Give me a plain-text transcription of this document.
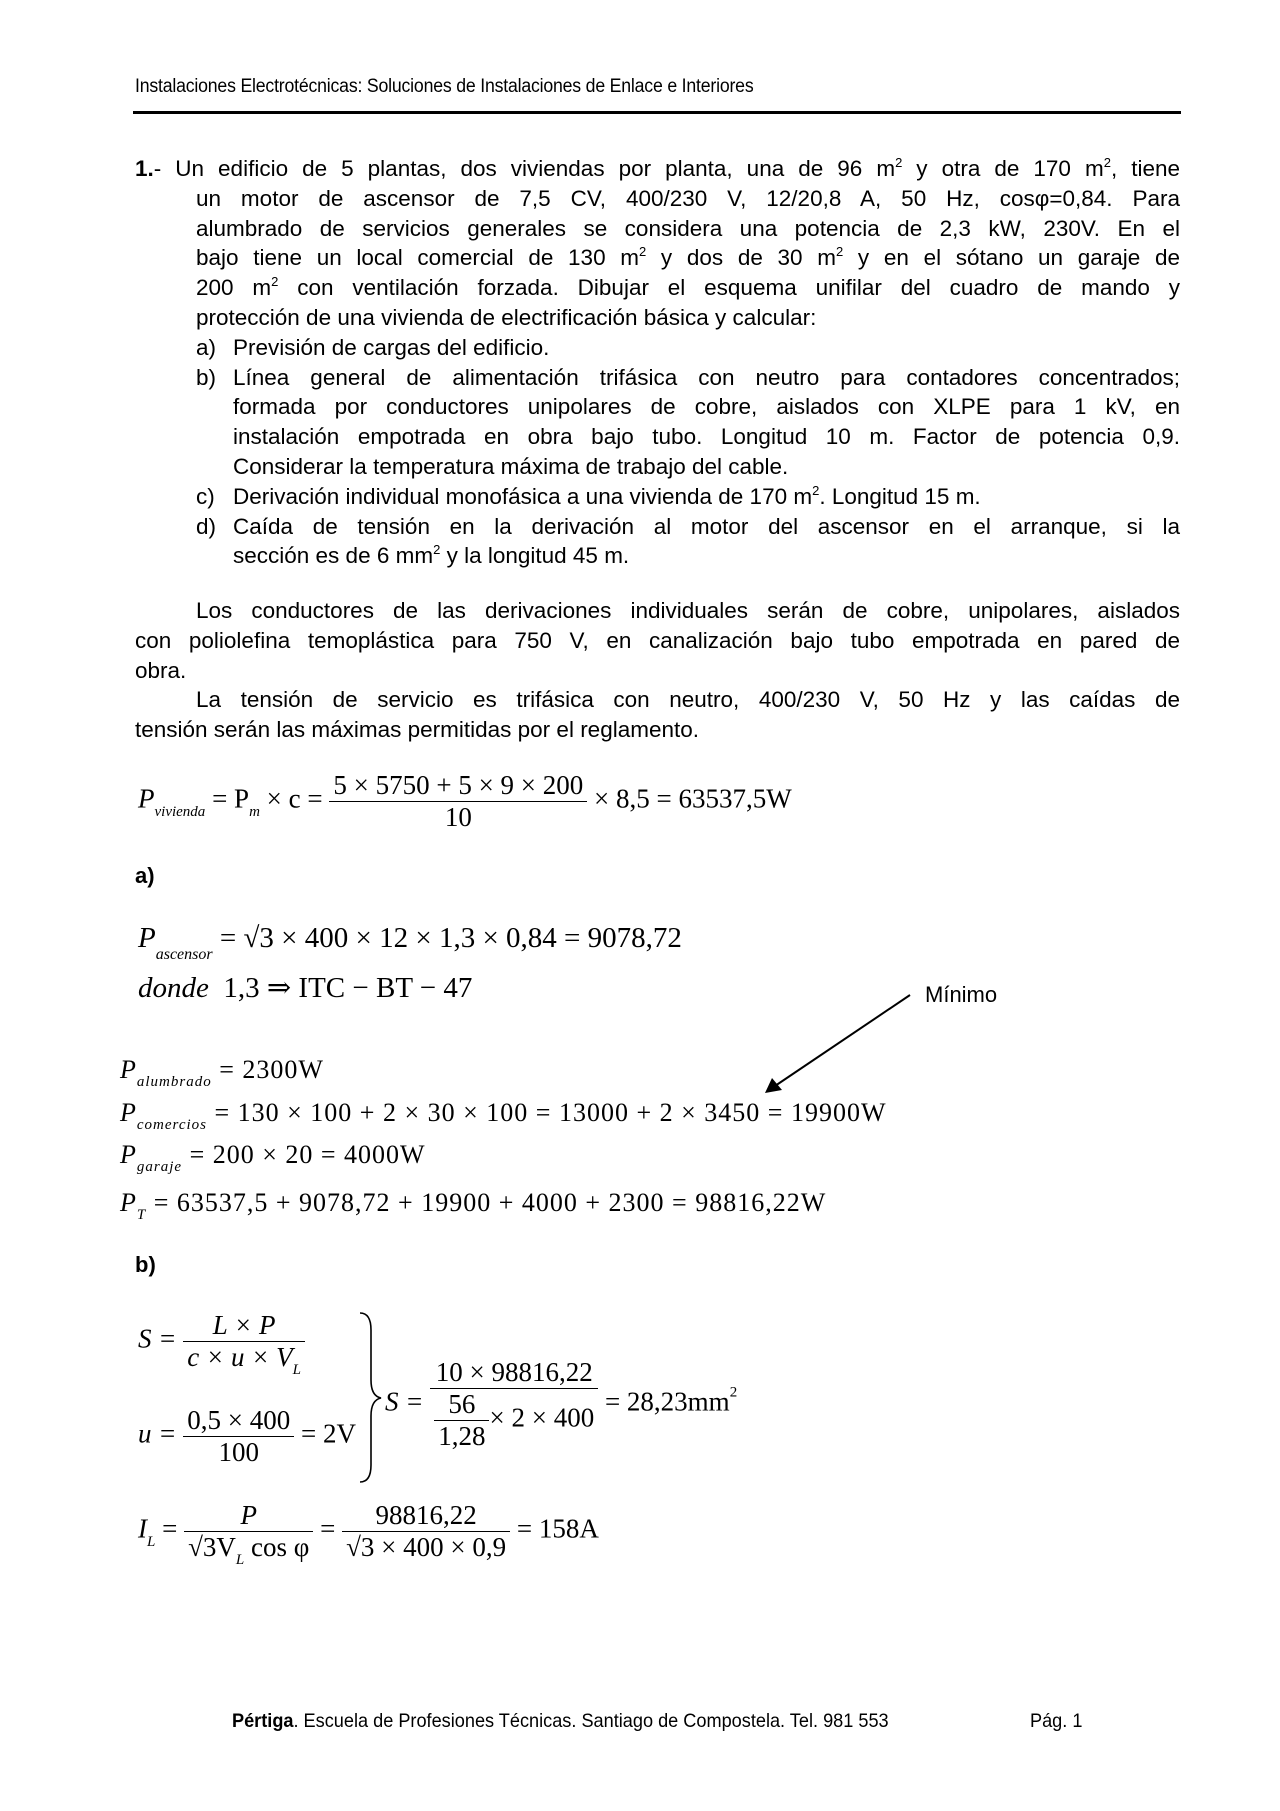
Instalaciones Electrotécnicas: Soluciones de Instalaciones de Enlace e Interiores
1.- Un edificio de 5 plantas, dos viviendas por planta, una de 96 $m^2$ y otra de 170 $m^2$, tiene
un motor de ascensor de 7,5 CV, 400/230 V, 12/20,8 A, 50 Hz, cosφ=0,84. Para
alumbrado de servicios generales se considera una potencia de 2,3 kW, 230V. En el
bajo tiene un local comercial de 130 $m^2$ y dos de 30 $m^2$ y en el sótano un garaje de
200 $m^2$ con ventilación forzada. Dibujar el esquema unifilar del cuadro de mando y
protección de una vivienda de electrificación básica y calcular:
a) Previsión de cargas del edificio.
b) Línea general de alimentación trifásica con neutro para contadores concentrados;
formada por conductores unipolares de cobre, aislados con XLPE para 1 kV, en
instalación empotrada en obra bajo tubo. Longitud 10 m. Factor de potencia 0,9.
Considerar la temperatura máxima de trabajo del cable.
c) Derivación individual monofásica a una vivienda de 170 $m^2$. Longitud 15 m.
d) Caída de tensión en la derivación al motor del ascensor en el arranque, si la
sección es de 6 $mm^2$ y la longitud 45 m.
Los conductores de las derivaciones individuales serán de cobre, unipolares, aislados
con poliolefina temoplástica para 750 V, en canalización bajo tubo empotrada en pared de
obra.
La tensión de servicio es trifásica con neutro, 400/230 V, 50 Hz y las caídas de
tensión serán las máximas permitidas por el reglamento.
$P_{vivienda} = P_m \times c = \frac{5 \times 5750 + 5 \times 9 \times 200}{10} \times 8,5 = 63537,5W$
a)
$P_{ascensor} = √3 \times 400 \times 12 \times 1,3 \times 0,84 = 9078,72$
donde 1,3 ⇒ ITC − BT − 47	Mínimo
$P_{alumbrado} = 2300W$
$P_{comercios} = 130 \times 100 + 2 \times 30 \times 100 = 13000 + 2 \times 3450 = 19900W$
$P_{garaje} = 200 \times 20 = 4000W$
$P_T = 63537,5 + 9078,72 + 19900 + 4000 + 2300 = 98816,22W$
b)
$S = \frac{L \times P}{c \times u \times V_L}$
$u = \frac{0,5 \times 400}{100} = 2V$
$S = \frac{10 \times 98816,22}{\frac{56}{1,28} \times 2 \times 400} = 28,23mm^2$
$I_L = \frac{P}{√3V_L \cos \varphi} = \frac{98816,22}{√3 \times 400 \times 0,9} = 158A$
Pértiga. Escuela de Profesiones Técnicas. Santiago de Compostela. Tel. 981 553	Pág. 1
